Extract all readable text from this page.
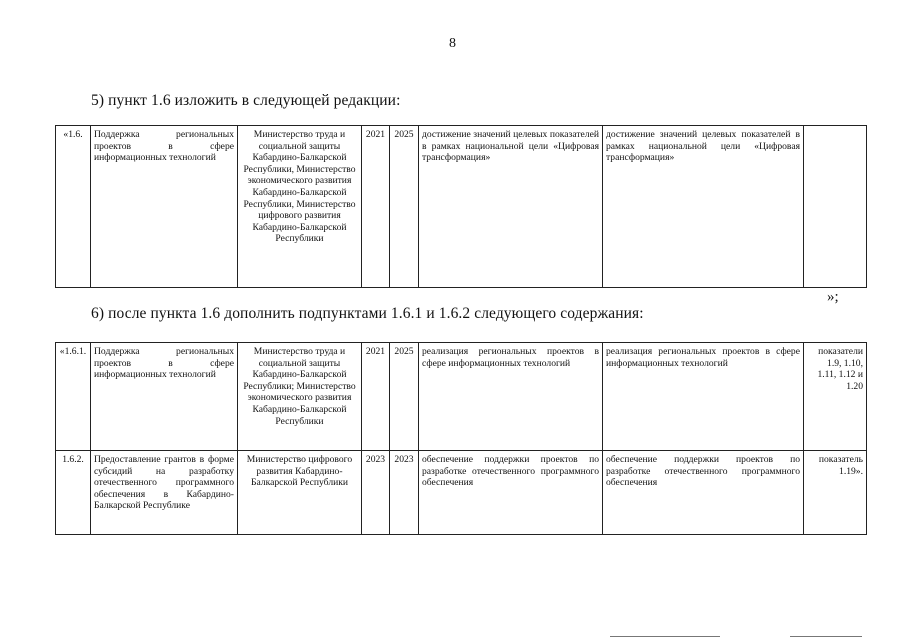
8
5) пункт 1.6 изложить в следующей редакции:
«1.6.	Поддержка региональных проектов в сфере информационных технологий	Министерство труда и социальной защиты Кабардино-Балкарской Республики, Министерство экономического развития Кабардино-Балкарской Республики, Министерство цифрового развития Кабардино-Балкарской Республики	2021	2025	достижение значений целевых показателей в рамках национальной цели «Цифровая трансформация»	достижение значений целевых показателей в рамках национальной цели «Цифровая трансформация»	
»;
6) после пункта 1.6 дополнить подпунктами 1.6.1 и 1.6.2 следующего содержания:
«1.6.1.	Поддержка региональных проектов в сфере информационных технологий	Министерство труда и социальной защиты Кабардино-Балкарской Республики; Министерство экономического развития Кабардино-Балкарской Республики	2021	2025	реализация региональных проектов в сфере информационных технологий	реализация региональных проектов в сфере информационных технологий	показатели 1.9, 1.10, 1.11, 1.12 и 1.20
1.6.2.	Предоставление грантов в форме субсидий на разработку отечественного программного обеспечения в Кабардино-Балкарской Республике	Министерство цифрового развития Кабардино-Балкарской Республики	2023	2023	обеспечение поддержки проектов по разработке отечественного программного обеспечения	обеспечение поддержки проектов по разработке отечественного программного обеспечения	показатель 1.19».
